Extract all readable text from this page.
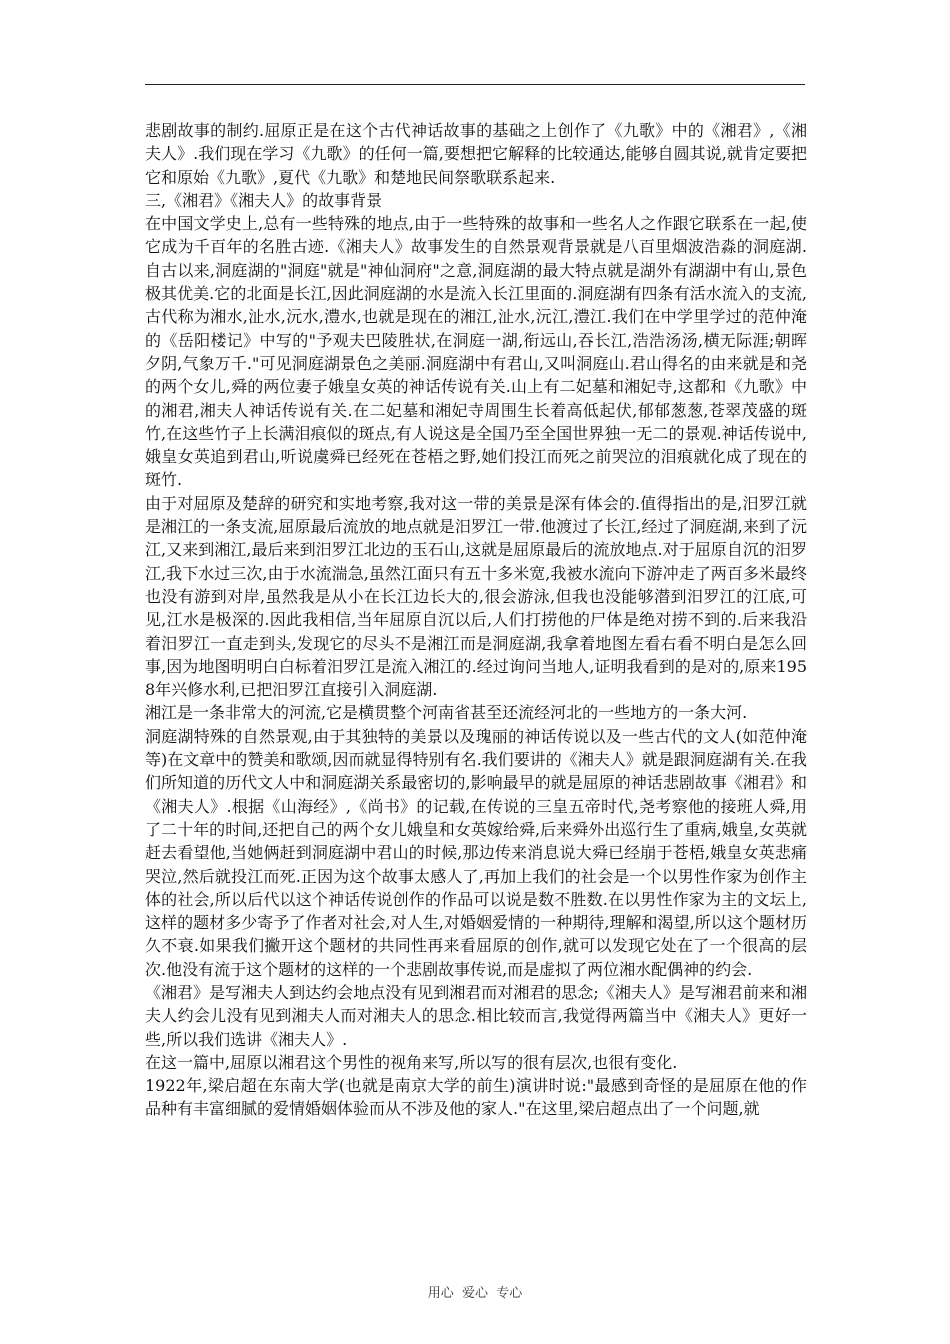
悲剧故事的制约.屈原正是在这个古代神话故事的基础之上创作了《九歌》中的《湘君》,《湘夫人》.我们现在学习《九歌》的任何一篇,要想把它解释的比较通达,能够自圆其说,就肯定要把它和原始《九歌》,夏代《九歌》和楚地民间祭歌联系起来.

三,《湘君》《湘夫人》的故事背景

在中国文学史上,总有一些特殊的地点,由于一些特殊的故事和一些名人之作跟它联系在一起,使它成为千百年的名胜古迹.《湘夫人》故事发生的自然景观背景就是八百里烟波浩淼的洞庭湖.自古以来,洞庭湖的"洞庭"就是"神仙洞府"之意,洞庭湖的最大特点就是湖外有湖湖中有山,景色极其优美.它的北面是长江,因此洞庭湖的水是流入长江里面的.洞庭湖有四条有活水流入的支流,古代称为湘水,沚水,沅水,澧水,也就是现在的湘江,沚水,沅江,澧江.我们在中学里学过的范仲淹的《岳阳楼记》中写的"予观夫巴陵胜状,在洞庭一湖,衔远山,吞长江,浩浩汤汤,横无际涯;朝晖夕阴,气象万千."可见洞庭湖景色之美丽.洞庭湖中有君山,又叫洞庭山.君山得名的由来就是和尧的两个女儿,舜的两位妻子娥皇女英的神话传说有关.山上有二妃墓和湘妃寺,这都和《九歌》中的湘君,湘夫人神话传说有关.在二妃墓和湘妃寺周围生长着高低起伏,郁郁葱葱,苍翠茂盛的斑竹,在这些竹子上长满泪痕似的斑点,有人说这是全国乃至全国世界独一无二的景观.神话传说中,娥皇女英追到君山,听说虞舜已经死在苍梧之野,她们投江而死之前哭泣的泪痕就化成了现在的斑竹.

由于对屈原及楚辞的研究和实地考察,我对这一带的美景是深有体会的.值得指出的是,汨罗江就是湘江的一条支流,屈原最后流放的地点就是汨罗江一带.他渡过了长江,经过了洞庭湖,来到了沅江,又来到湘江,最后来到汨罗江北边的玉石山,这就是屈原最后的流放地点.对于屈原自沉的汨罗江,我下水过三次,由于水流湍急,虽然江面只有五十多米宽,我被水流向下游冲走了两百多米最终也没有游到对岸,虽然我是从小在长江边长大的,很会游泳,但我也没能够潜到汨罗江的江底,可见,江水是极深的.因此我相信,当年屈原自沉以后,人们打捞他的尸体是绝对捞不到的.后来我沿着汨罗江一直走到头,发现它的尽头不是湘江而是洞庭湖,我拿着地图左看右看不明白是怎么回事,因为地图明明白白标着汨罗江是流入湘江的.经过询问当地人,证明我看到的是对的,原来1958年兴修水利,已把汨罗江直接引入洞庭湖.

湘江是一条非常大的河流,它是横贯整个河南省甚至还流经河北的一些地方的一条大河.

洞庭湖特殊的自然景观,由于其独特的美景以及瑰丽的神话传说以及一些古代的文人(如范仲淹等)在文章中的赞美和歌颂,因而就显得特别有名.我们要讲的《湘夫人》就是跟洞庭湖有关.在我们所知道的历代文人中和洞庭湖关系最密切的,影响最早的就是屈原的神话悲剧故事《湘君》和《湘夫人》.根据《山海经》,《尚书》的记载,在传说的三皇五帝时代,尧考察他的接班人舜,用了二十年的时间,还把自己的两个女儿娥皇和女英嫁给舜,后来舜外出巡行生了重病,娥皇,女英就赶去看望他,当她俩赶到洞庭湖中君山的时候,那边传来消息说大舜已经崩于苍梧,娥皇女英悲痛哭泣,然后就投江而死.正因为这个故事太感人了,再加上我们的社会是一个以男性作家为创作主体的社会,所以后代以这个神话传说创作的作品可以说是数不胜数.在以男性作家为主的文坛上,这样的题材多少寄予了作者对社会,对人生,对婚姻爱情的一种期待,理解和渴望,所以这个题材历久不衰.如果我们撇开这个题材的共同性再来看屈原的创作,就可以发现它处在了一个很高的层次.他没有流于这个题材的这样的一个悲剧故事传说,而是虚拟了两位湘水配偶神的约会.

《湘君》是写湘夫人到达约会地点没有见到湘君而对湘君的思念;《湘夫人》是写湘君前来和湘夫人约会儿没有见到湘夫人而对湘夫人的思念.相比较而言,我觉得两篇当中《湘夫人》更好一些,所以我们选讲《湘夫人》.

在这一篇中,屈原以湘君这个男性的视角来写,所以写的很有层次,也很有变化.

1922年,梁启超在东南大学(也就是南京大学的前生)演讲时说:"最感到奇怪的是屈原在他的作品种有丰富细腻的爱情婚姻体验而从不涉及他的家人."在这里,梁启超点出了一个问题,就

用心  爱心  专心
